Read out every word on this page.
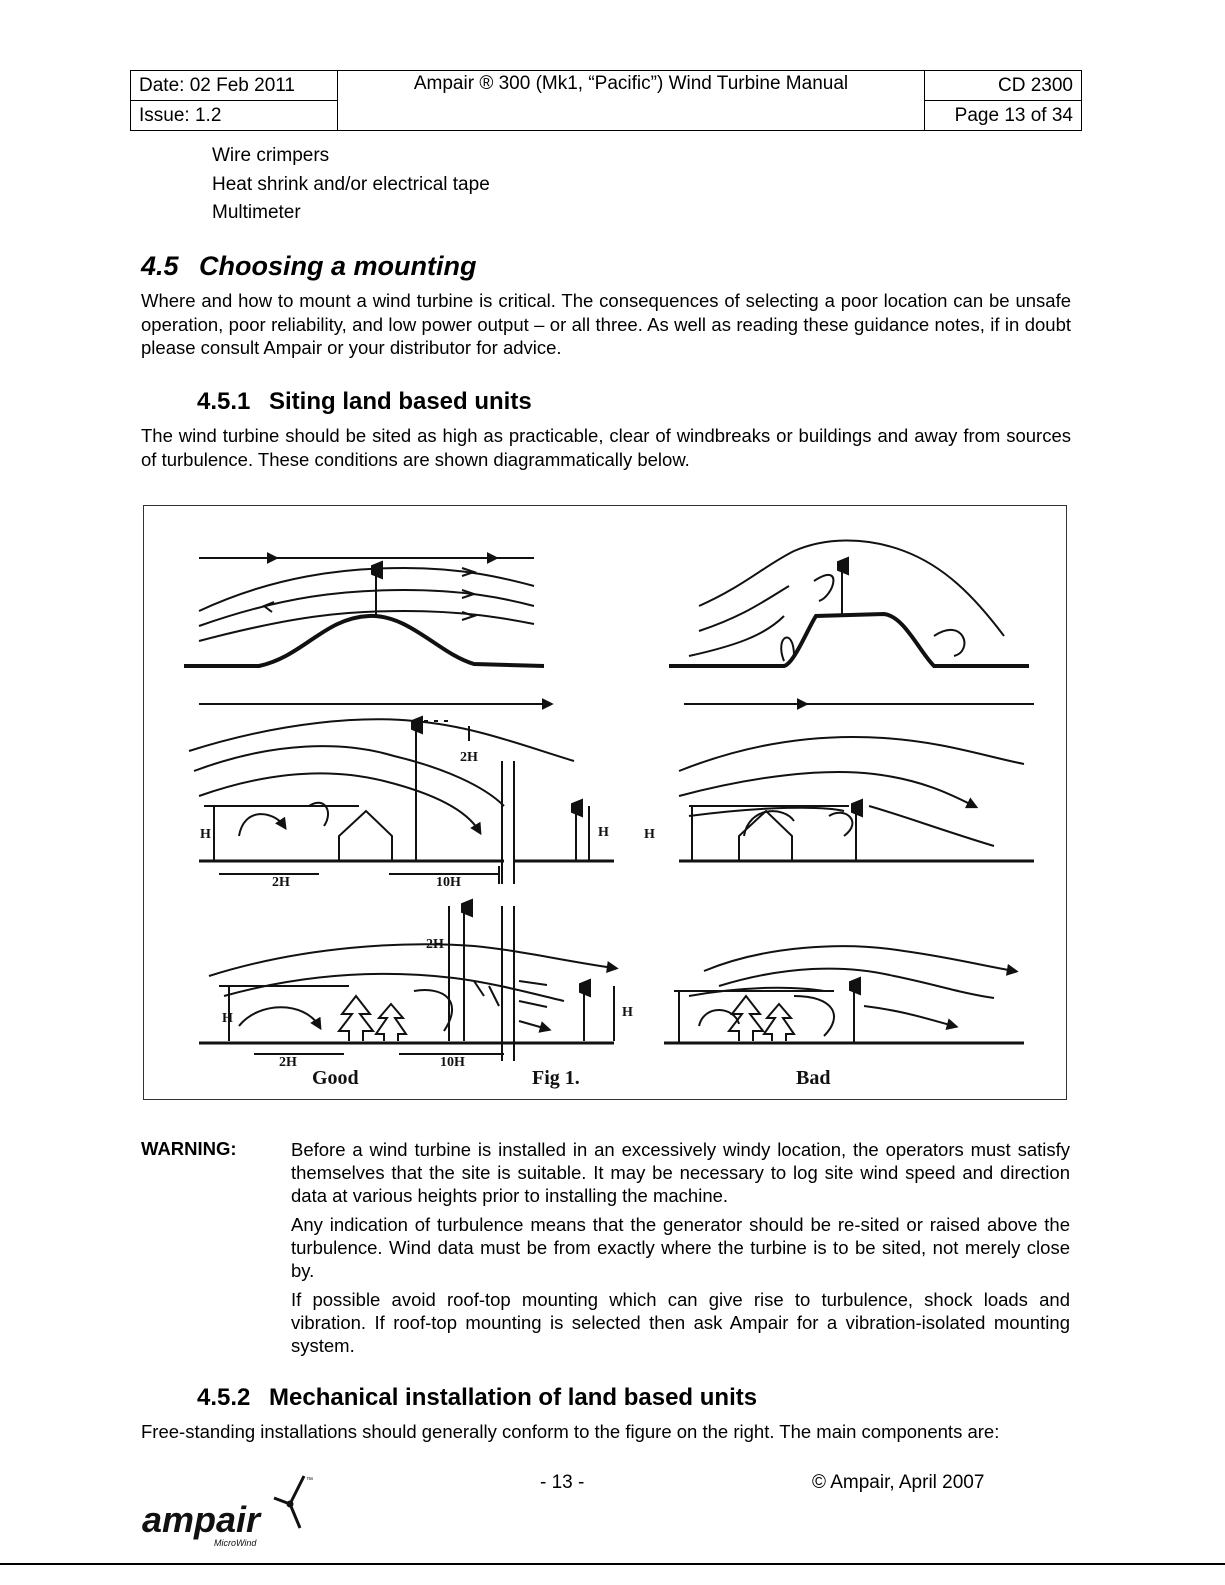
Date: 02 Feb 2011	Ampair ® 300 (Mk1, “Pacific”) Wind Turbine Manual	CD 2300
Issue: 1.2		Page 13 of 34
Wire crimpers
Heat shrink and/or electrical tape
Multimeter
4.5 Choosing a mounting
Where and how to mount a wind turbine is critical. The consequences of selecting a poor location can be unsafe operation, poor reliability, and low power output – or all three. As well as reading these guidance notes, if in doubt please consult Ampair or your distributor for advice.
4.5.1 Siting land based units
The wind turbine should be sited as high as practicable, clear of windbreaks or buildings and away from sources of turbulence. These conditions are shown diagrammatically below.
2H
H
2H	10H
H	H
2H
H	H
2H	10H
Good	Fig 1.	Bad
WARNING:	Before a wind turbine is installed in an excessively windy location, the operators must satisfy themselves that the site is suitable. It may be necessary to log site wind speed and direction data at various heights prior to installing the machine.

Any indication of turbulence means that the generator should be re-sited or raised above the turbulence. Wind data must be from exactly where the turbine is to be sited, not merely close by.

If possible avoid roof-top mounting which can give rise to turbulence, shock loads and vibration. If roof-top mounting is selected then ask Ampair for a vibration-isolated mounting system.

4.5.2 Mechanical installation of land based units
Free-standing installations should generally conform to the figure on the right. The main components are:
- 13 -	© Ampair, April 2007
™
ampair
MicroWind
